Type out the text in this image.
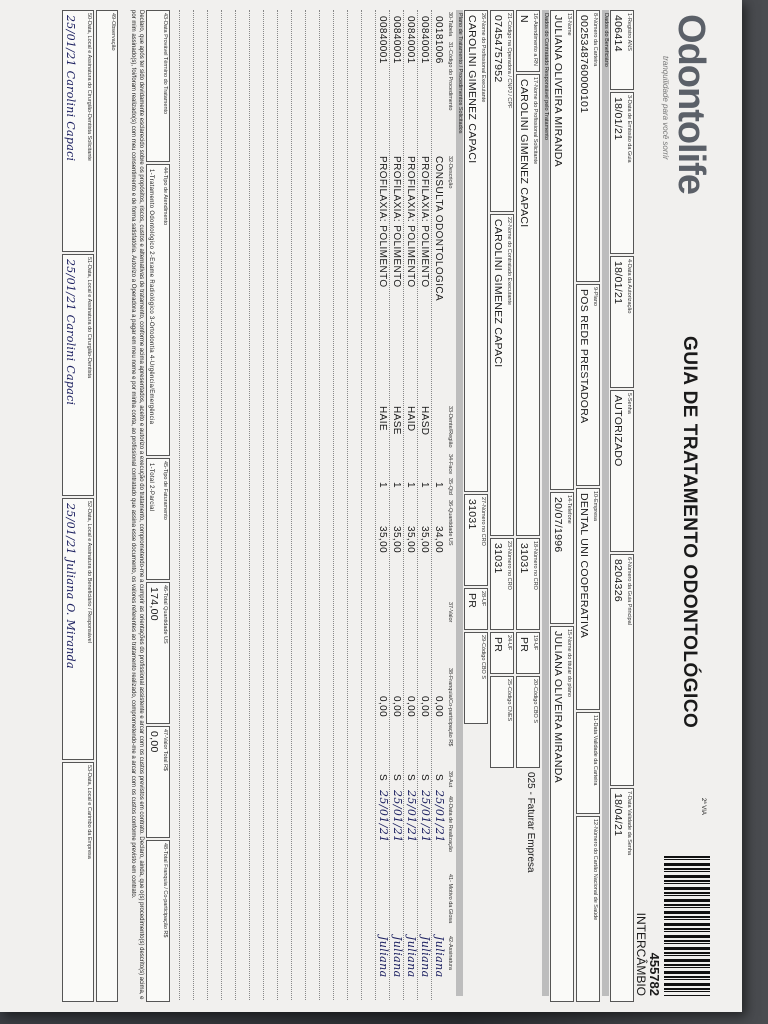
Odontolife
tranquilidade para você sorrir
GUIA DE TRATAMENTO ODONTOLÓGICO
2ª VIA
455782
INTERCÂMBIO
1-Registro ANS
406414
3-Data de Emissão da Guia
18/01/21
4-Data da Autorização
18/01/21
5-Senha
AUTORIZADO
6-Número da Guia Principal
8204326
7-Data Validade da Senha
18/04/21
Dados do Beneficiário
8-Número da Carteira
0025348760000101
9-Plano
POS REDE PRESTADORA
10-Empresa
DENTAL UNI COOPERATIVA
11-Data Validade da Carteira
12-Número do Cartão Nacional de Saúde
13-Nome
JULIANA OLIVEIRA MIRANDA
14-Telefone
20/07/1996
15-Nome do titular do plano
JULIANA OLIVEIRA MIRANDA
Dados do Contratado Responsável pelo Tratamento
16-Atendimento a RN
N
17-Nome do Profissional Solicitante
CAROLINI GIMENEZ CAPACI
18-Número no CRO
31031
19-UF
PR
20-Código CBO S
025 - Faturar Empresa
21-Código na Operadora / CNPJ / CPF
07454757952
22-Nome do Contratado Executante
CAROLINI GIMENEZ CAPACI
23-Número no CRO
31031
24-UF
PR
25-Código CNES
26-Nome do Profissional Executante
CAROLINI GIMENEZ CAPACI
27-Número no CRO
31031
28-UF
PR
29-Código CBO S
Plano de Tratamento / Procedimentos Solicitados
30-Tabela
31-Código do Procedimento
32-Descrição
33-Dente/Região
34-Face
35-Qtd
36-Quantidade US
37-Valor
38-Franquia/Co-participação R$
39-Aut
40-Data de Realização
41- Motivo da Glosa
42-Assinatura
00181006
CONSULTA ODONTOLOGICA
1
34,00
0,00
S
25/01/21
Juliana
00840001
PROFILAXIA: POLIMENTO
HASD
1
35,00
0,00
S
25/01/21
Juliana
00840001
PROFILAXIA: POLIMENTO
HAID
1
35,00
0,00
S
25/01/21
Juliana
00840001
PROFILAXIA: POLIMENTO
HASE
1
35,00
0,00
S
25/01/21
Juliana
00840001
PROFILAXIA: POLIMENTO
HAIE
1
35,00
0,00
S
25/01/21
Juliana
43-Data Provável Término do Tratamento
44-Tipo de Atendimento
1-Tratamento Odontológico 2-Exame Radiológico 3-Ortodontia 4-Urgência/Emergência
45-Tipo de Faturamento
1-Total 2-Parcial
46-Total Quantidade US
174,00
47-Valor Total R$
0,00
48-Total Franquia / Co-participação R$
Declaro, que após ter sido devidamente esclarecido sobre os propósitos, riscos, custos e alternativas de tratamento, conforme acima apresentados, aceito e autorizo a execução do tratamento, comprometendo-me a cumprir as orientações do profissional assistente e arcar com os custos previstos em contrato. Declaro, ainda, que o(s) procedimento(s) descrito(s) acima, e por mim assinado(s), foi/foram realizado(s) com meu consentimento e de forma satisfatória. Autorizo a Operadora a pagar em meu nome e por minha conta, ao profissional contratado que assina esse documento, os valores referentes ao tratamento realizado, comprometendo-me a arcar com os custos conforme previsto em contrato.
49-Observação
50-Data, Local e Assinatura do Cirurgião-Dentista Solicitante
25/01/21 Carolini Capaci
51-Data, Local e Assinatura do Cirurgião-Dentista
25/01/21 Carolini Capaci
52-Data, Local e Assinatura do Beneficiário / Responsável
25/01/21 Juliana O. Miranda
53-Data, Local e Carimbo da Empresa
